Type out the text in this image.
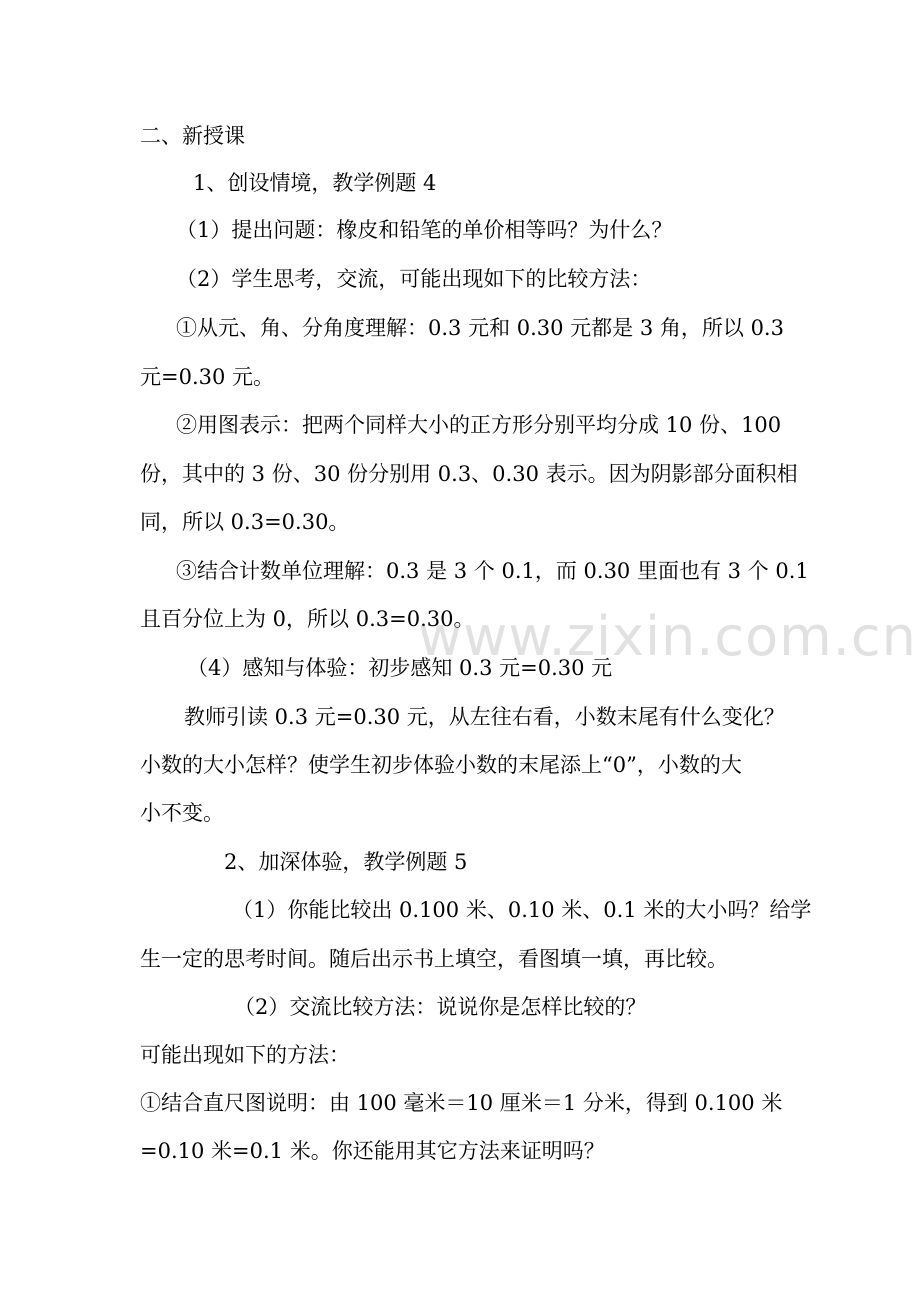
二、新授课
1、创设情境，教学例题 4
（1）提出问题：橡皮和铅笔的单价相等吗？为什么？
（2）学生思考，交流，可能出现如下的比较方法：
①从元、角、分角度理解：0.3 元和 0.30 元都是 3 角，所以 0.3
元=0.30 元。
②用图表示：把两个同样大小的正方形分别平均分成 10 份、100
份，其中的 3 份、30 份分别用 0.3、0.30 表示。因为阴影部分面积相
同，所以 0.3=0.30。
③结合计数单位理解：0.3 是 3 个 0.1，而 0.30 里面也有 3 个 0.1
且百分位上为 0，所以 0.3=0.30。
（4）感知与体验：初步感知 0.3 元=0.30 元
教师引读 0.3 元=0.30 元，从左往右看，小数末尾有什么变化？
小数的大小怎样？使学生初步体验小数的末尾添上“0”，小数的大
小不变。
2、加深体验，教学例题 5
（1）你能比较出 0.100 米、0.10 米、0.1 米的大小吗？给学
生一定的思考时间。随后出示书上填空，看图填一填，再比较。
（2）交流比较方法：说说你是怎样比较的？
可能出现如下的方法：
①结合直尺图说明：由 100 毫米＝10 厘米＝1 分米，得到 0.100 米
=0.10 米=0.1 米。你还能用其它方法来证明吗？
www.zixin.com.cn
